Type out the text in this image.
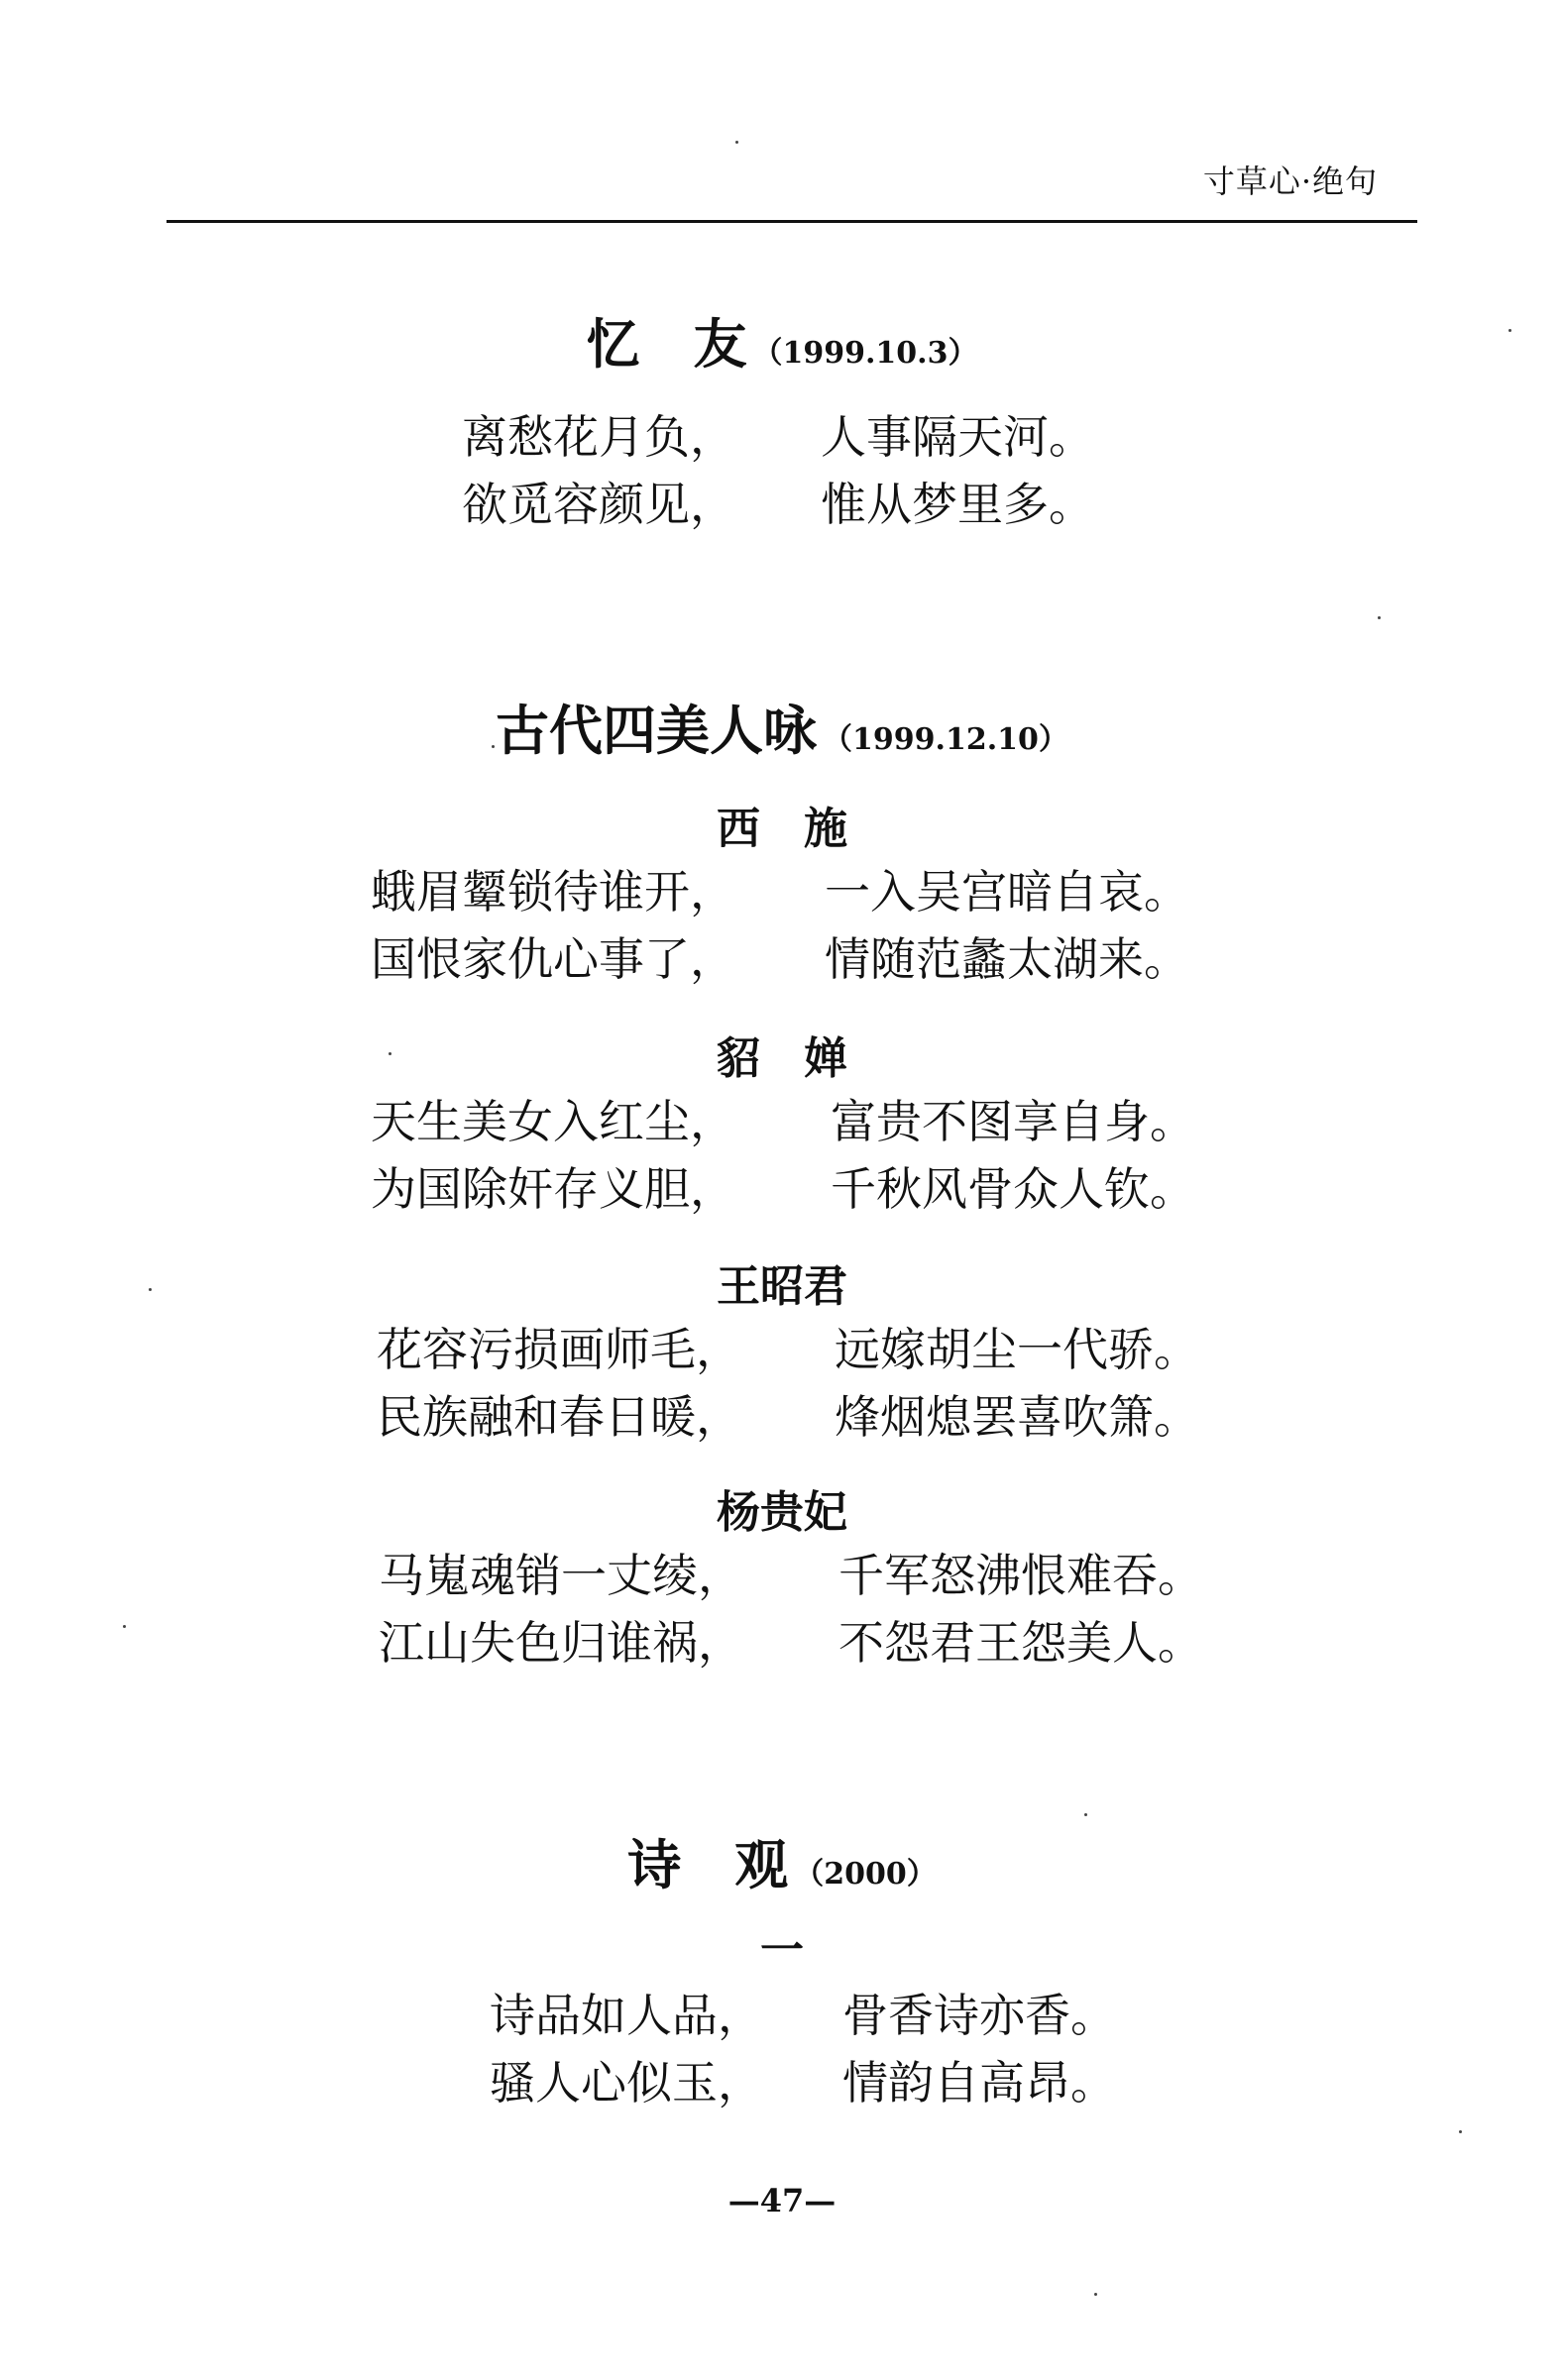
寸草心·绝句
忆　友 （1999.10.3）
离愁花月负， 人事隔天河。
欲觅容颜见， 惟从梦里多。
古代四美人咏 （1999.12.10）
西　施
蛾眉颦锁待谁开， 一入吴宫暗自哀。
国恨家仇心事了， 情随范蠡太湖来。
貂　婵
天生美女入红尘， 富贵不图享自身。
为国除奸存义胆， 千秋风骨众人钦。
王昭君
花容污损画师毛， 远嫁胡尘一代骄。
民族融和春日暖， 烽烟熄罢喜吹箫。
杨贵妃
马嵬魂销一丈绫， 千军怒沸恨难吞。
江山失色归谁祸， 不怨君王怨美人。
诗　观 （2000）
一
诗品如人品， 骨香诗亦香。
骚人心似玉， 情韵自高昂。
—47—
